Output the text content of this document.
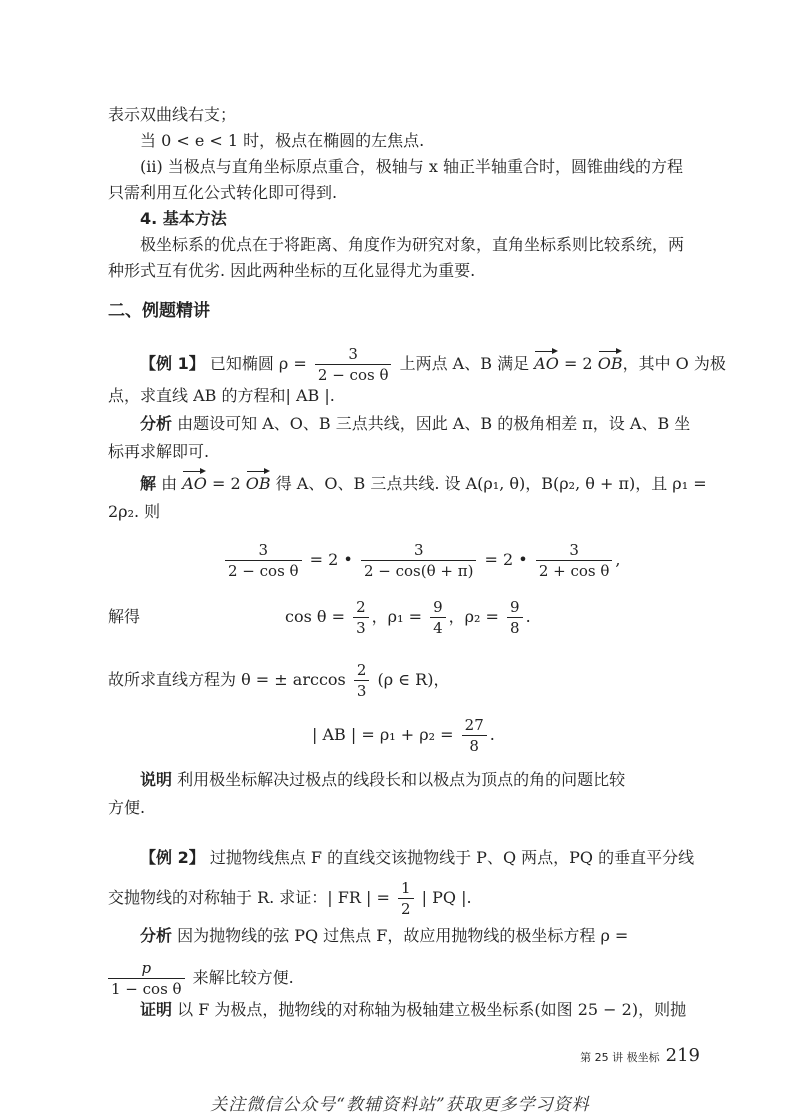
表示双曲线右支；
当 0 < e < 1 时，极点在椭圆的左焦点.
(ii) 当极点与直角坐标原点重合，极轴与 x 轴正半轴重合时，圆锥曲线的方程
只需利用互化公式转化即可得到.
4. 基本方法
极坐标系的优点在于将距离、角度作为研究对象，直角坐标系则比较系统，两
种形式互有优劣. 因此两种坐标的互化显得尤为重要.
二、例题精讲
【例 1】 已知椭圆 $\rho = \frac{3}{\text{2 − cos θ}}$ 上两点 A、B 满足 AO = 2 OB，其中 O 为极
点，求直线 AB 的方程和| AB |.
分析 由题设可知 A、O、B 三点共线，因此 A、B 的极角相差 π，设 A、B 坐
标再求解即可.
解 由 AO = 2 OB 得 A、O、B 三点共线. 设 A(ρ₁, θ)，B(ρ₂, θ + π)，且 ρ₁ =
2ρ₂. 则
$\frac{3}{\text{2 − cos θ}} = 2$ • $\frac{3}{2 - \cos(\theta + \pi)} = 2$ • $\frac{3}{\text{2 + cos θ}}$ ,
解得	$\cos \theta = \frac{2}{3}$ ，$\rho_1 = \frac{9}{4}$ ，$\rho_2 = \frac{9}{8}$ .
故所求直线方程为 θ = ± $\arccos \frac{2}{3} (\rho$ ∈ R)，
| AB | = $\rho_1 + \rho_2 = \frac{27}{8}$ .
说明 利用极坐标解决过极点的线段长和以极点为顶点的角的问题比较
方便.
【例 2】 过抛物线焦点 F 的直线交该抛物线于 P、Q 两点，PQ 的垂直平分线
交抛物线的对称轴于 R. 求证：| FR | = $\frac{1}{2}$ | PQ |.
分析 因为抛物线的弦 PQ 过焦点 F，故应用抛物线的极坐标方程 ρ =
$\frac{p}{\text{1 − cos θ}}$ 来解比较方便.
证明 以 F 为极点，抛物线的对称轴为极轴建立极坐标系(如图 25 − 2)，则抛
第 25 讲 极坐标 219
关注微信公众号“教辅资料站”获取更多学习资料
